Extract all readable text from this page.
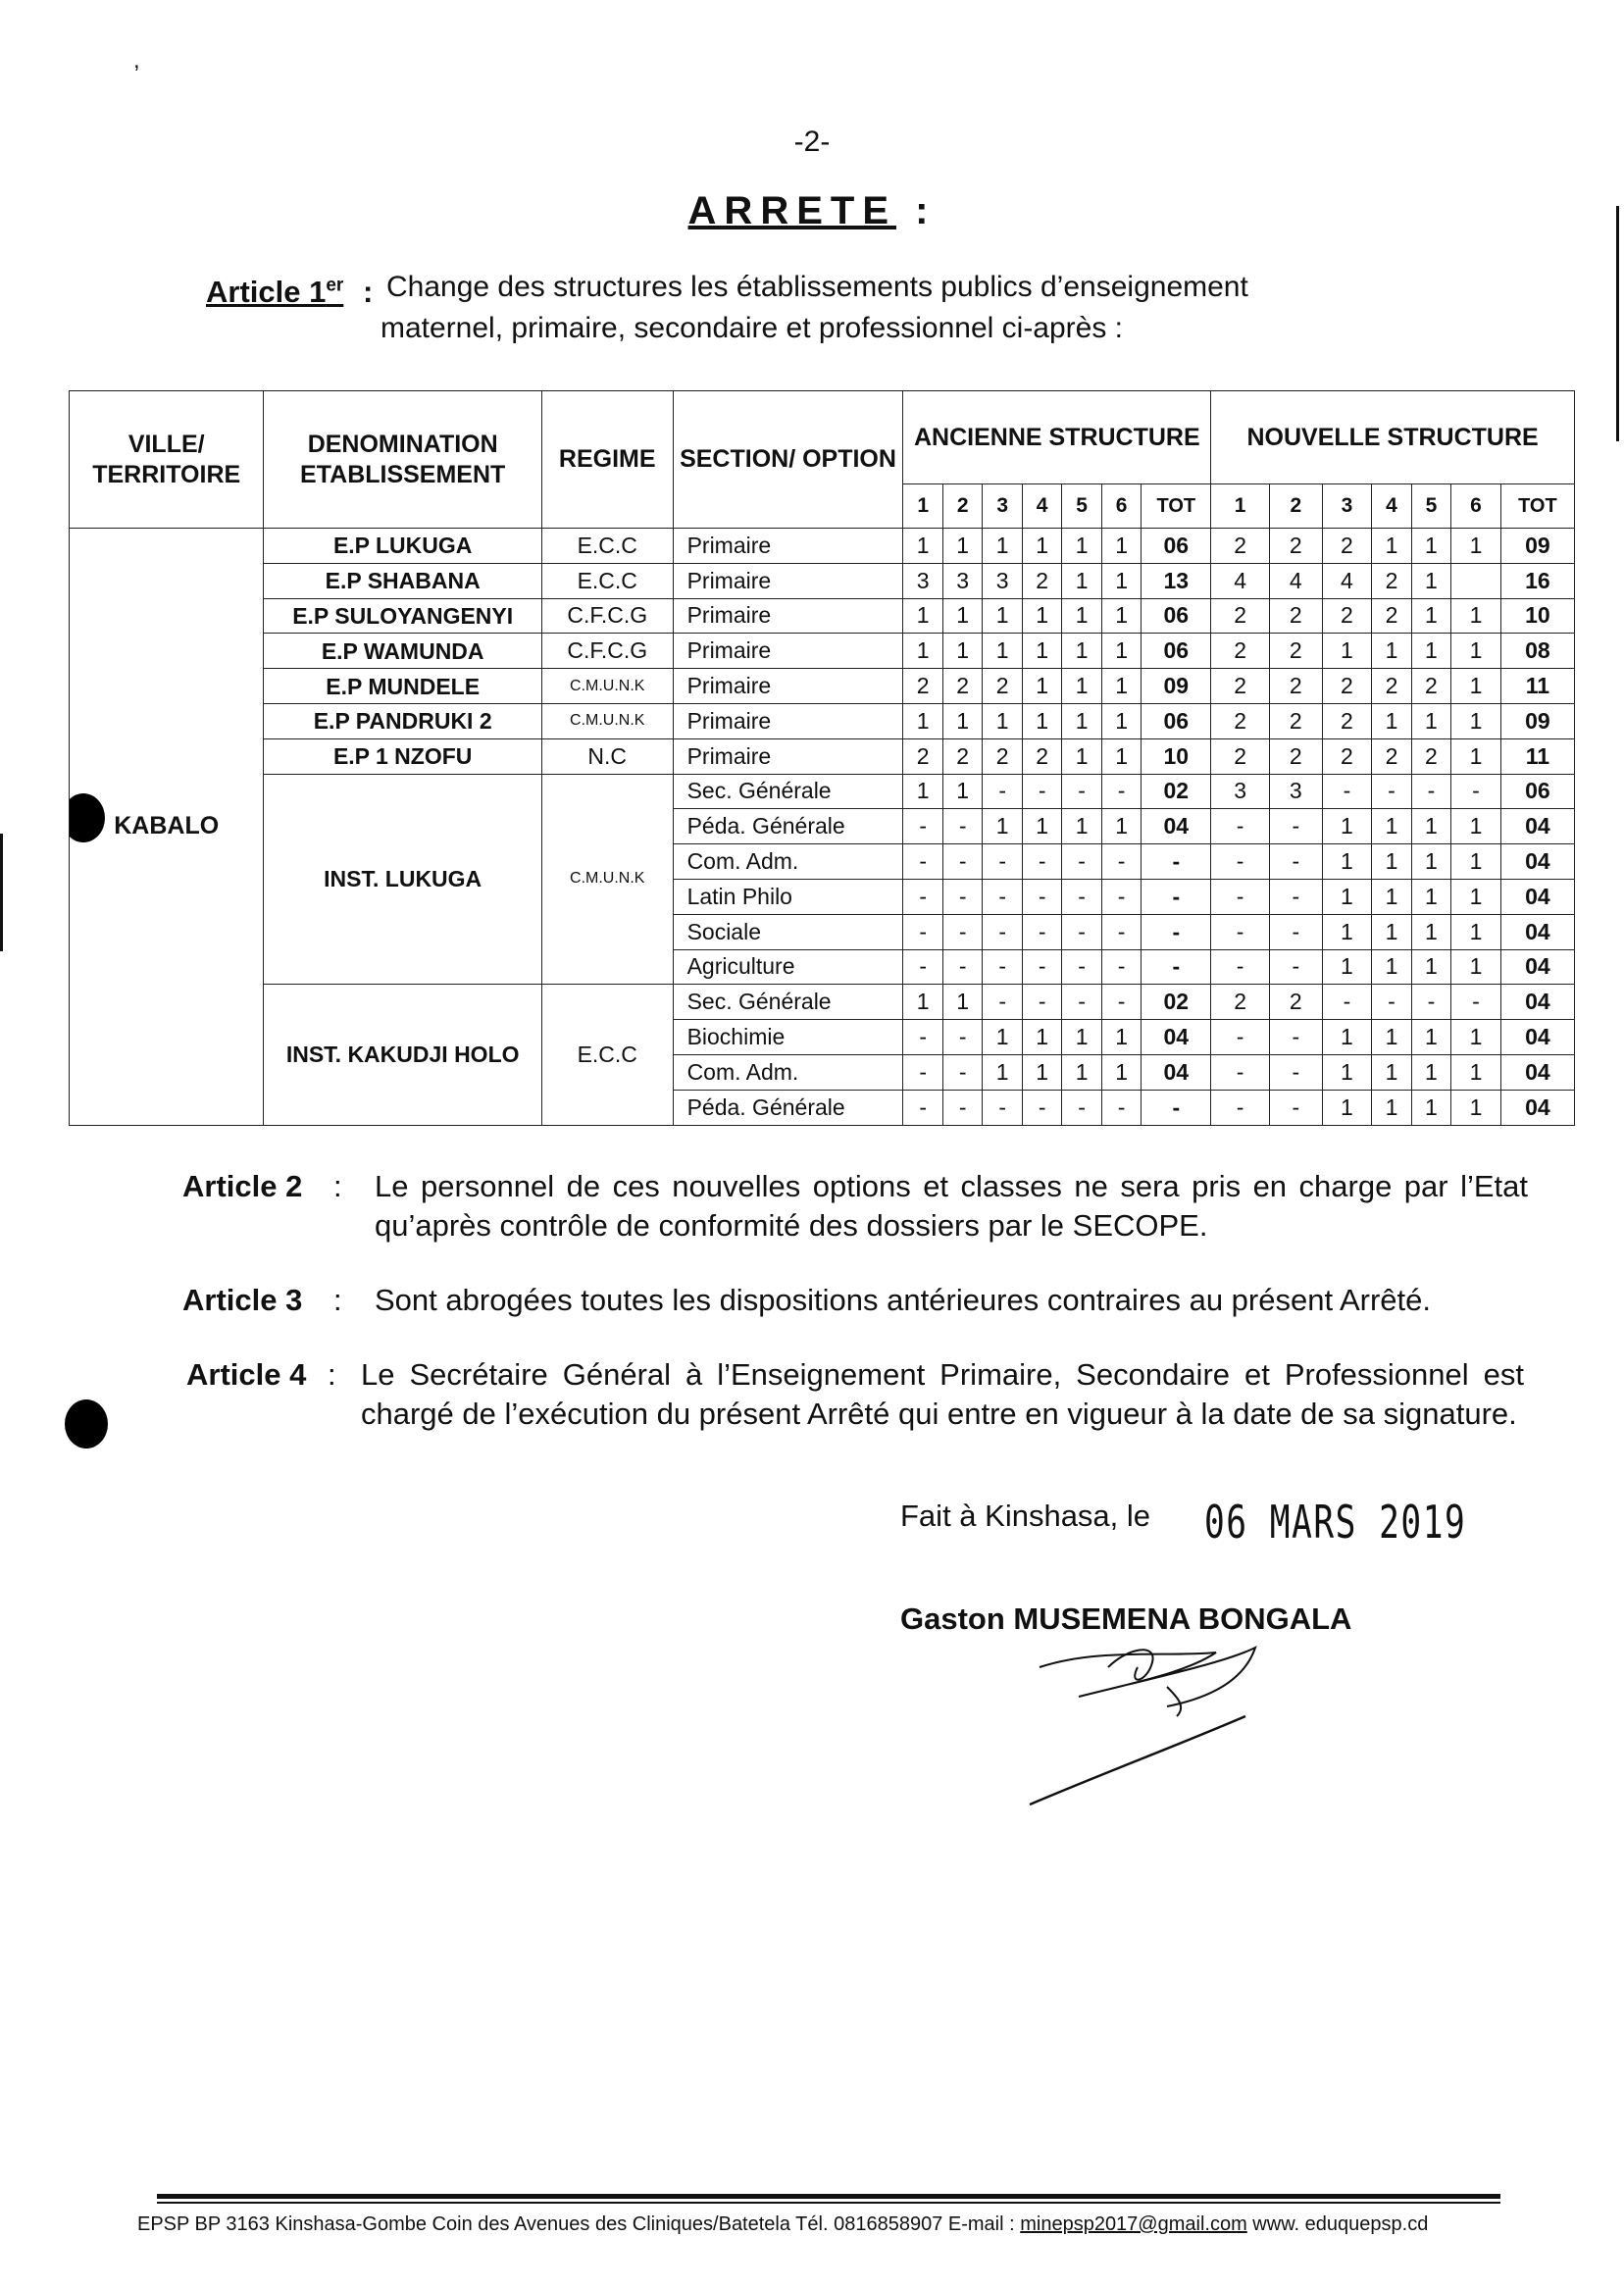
,
-2-
ARRETE :
Article 1er : Change des structures les établissements publics d’enseignement
maternel, primaire, secondaire et professionnel ci-après :
VILLE/ TERRITOIRE	DENOMINATION ETABLISSEMENT	REGIME	SECTION/ OPTION	ANCIENNE STRUCTURE							NOUVELLE STRUCTURE						
				1	2	3	4	5	6	TOT	1	2	3	4	5	6	TOT

KABALO	E.P LUKUGA	E.C.C	Primaire	1	1	1	1	1	1	06	2	2	2	1	1	1	09
	E.P SHABANA	E.C.C	Primaire	3	3	3	2	1	1	13	4	4	4	2	1		16
	E.P SULOYANGENYI	C.F.C.G	Primaire	1	1	1	1	1	1	06	2	2	2	2	1	1	10
	E.P WAMUNDA	C.F.C.G	Primaire	1	1	1	1	1	1	06	2	2	1	1	1	1	08
	E.P MUNDELE	C.M.U.N.K	Primaire	2	2	2	1	1	1	09	2	2	2	2	2	1	11
	E.P PANDRUKI 2	C.M.U.N.K	Primaire	1	1	1	1	1	1	06	2	2	2	1	1	1	09
	E.P 1 NZOFU	N.C	Primaire	2	2	2	2	1	1	10	2	2	2	2	2	1	11
	INST. LUKUGA	C.M.U.N.K	Sec. Générale	1	1	-	-	-	-	02	3	3	-	-	-	-	06
			Péda. Générale	-	-	1	1	1	1	04	-	-	1	1	1	1	04
			Com. Adm.	-	-	-	-	-	-	-	-	-	1	1	1	1	04
			Latin Philo	-	-	-	-	-	-	-	-	-	1	1	1	1	04
			Sociale	-	-	-	-	-	-	-	-	-	1	1	1	1	04
			Agriculture	-	-	-	-	-	-	-	-	-	1	1	1	1	04
	INST. KAKUDJI HOLO	E.C.C	Sec. Générale	1	1	-	-	-	-	02	2	2	-	-	-	-	04
			Biochimie	-	-	1	1	1	1	04	-	-	1	1	1	1	04
			Com. Adm.	-	-	1	1	1	1	04	-	-	1	1	1	1	04
			Péda. Générale	-	-	-	-	-	-	-	-	-	1	1	1	1	04
Article 2 : Le personnel de ces nouvelles options et classes ne sera pris en charge par l’Etat qu’après contrôle de conformité des dossiers par le SECOPE.
Article 3 : Sont abrogées toutes les dispositions antérieures contraires au présent Arrêté.
Article 4 : Le Secrétaire Général à l’Enseignement Primaire, Secondaire et Professionnel est chargé de l’exécution du présent Arrêté qui entre en vigueur à la date de sa signature.
Fait à Kinshasa, le 06 MARS 2019
Gaston MUSEMENA BONGALA
EPSP BP 3163 Kinshasa-Gombe Coin des Avenues des Cliniques/Batetela Tél. 0816858907 E-mail : minepsp2017@gmail.com www. eduquepsp.cd
